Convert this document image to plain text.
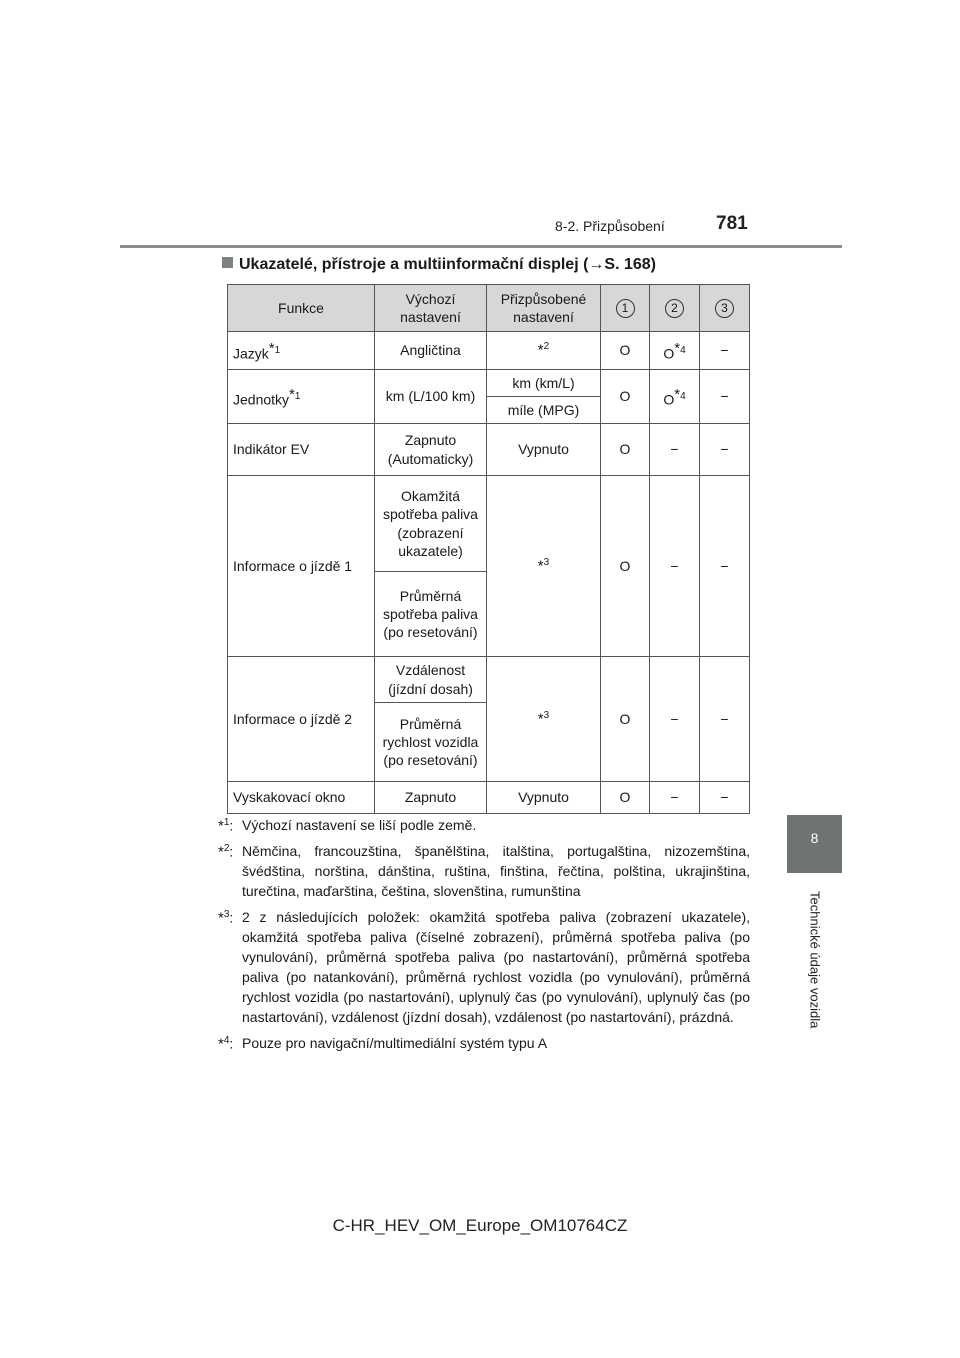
8-2. Přizpůsobení	781
8
Technické údaje vozidla
Ukazatelé, přístroje a multiinformační displej (→S. 168)
Funkce	Výchozí nastavení	Přizpůsobené nastavení	1	2	3
Jazyk$^{*1}$	Angličtina	*$^2$	O	$O^{*4}$	−
Jednotky$^{*1}$	km (L/100 km)	km (km/L)	O	$O^{*4}$	−
		míle (MPG)			
Indikátor EV	Zapnuto (Automaticky)	Vypnuto	O	−	−
Informace o jízdě 1	Okamžitá spotřeba paliva (zobrazení ukazatele)	*$^3$	O	−	−
	Průměrná spotřeba paliva (po resetování)				
Informace o jízdě 2	Vzdálenost (jízdní dosah)	*$^3$	O	−	−
	Průměrná rychlost vozidla (po resetování)				
Vyskakovací okno	Zapnuto	Vypnuto	O	−	−
*$^1$: Výchozí nastavení se liší podle země.
*$^2$: Němčina, francouzština, španělština, italština, portugalština, nizozemština, švédština, norština, dánština, ruština, finština, řečtina, polština, ukrajinština, turečtina, maďarština, čeština, slovenština, rumunština
*$^3$: 2 z následujících položek: okamžitá spotřeba paliva (zobrazení ukazatele), okamžitá spotřeba paliva (číselné zobrazení), průměrná spotřeba paliva (po vynulování), průměrná spotřeba paliva (po nastartování), průměrná spotřeba paliva (po natankování), průměrná rychlost vozidla (po vynulování), průměrná rychlost vozidla (po nastartování), uplynulý čas (po vynulování), uplynulý čas (po nastartování), vzdálenost (jízdní dosah), vzdálenost (po nastartování), prázdná.
*$^4$: Pouze pro navigační/multimediální systém typu A
C-HR_HEV_OM_Europe_OM10764CZ
